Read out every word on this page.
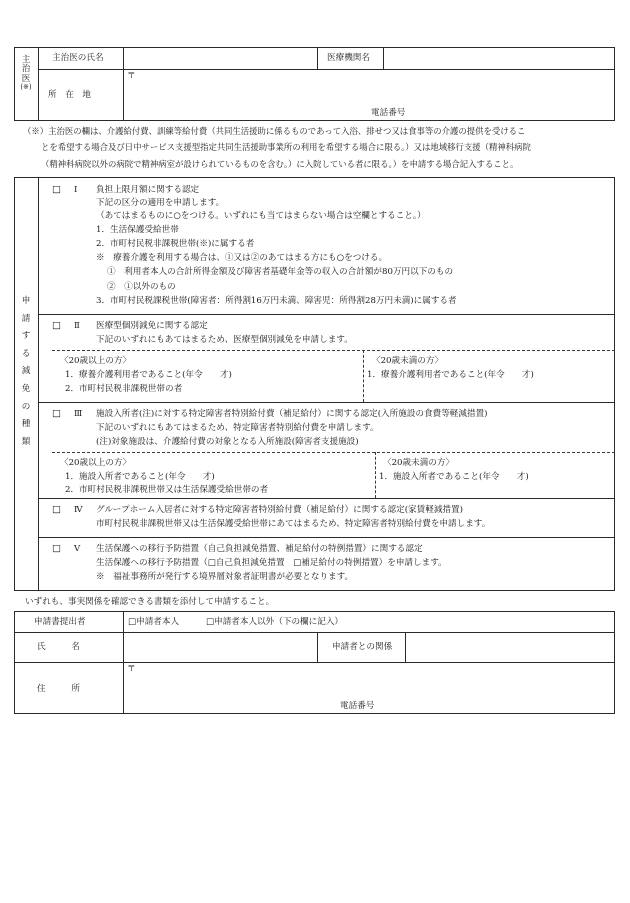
主
治
医
(※)
主治医の氏名	医療機関名
所　在　地
〒
電話番号
（※）主治医の欄は、介護給付費、訓練等給付費（共同生活援助に係るものであって入浴、排せつ又は食事等の介護の提供を受けるこ
とを希望する場合及び日中サービス支援型指定共同生活援助事業所の利用を希望する場合に限る。）又は地域移行支援（精神科病院
（精神科病院以外の病院で精神病室が設けられているものを含む。）に入院している者に限る。）を申請する場合記入すること。
申
請
す
る
減
免
の
種
類
□ Ⅰ 負担上限月額に関する認定
下記の区分の適用を申請します。
（あてはまるものに○をつける。いずれにも当てはまらない場合は空欄とすること。）
1．生活保護受給世帯
2．市町村民税非課税世帯(※)に属する者
※　療養介護を利用する場合は、①又は②のあてはまる方にも○をつける。
①　利用者本人の合計所得金額及び障害者基礎年金等の収入の合計額が80万円以下のもの
②　①以外のもの
3．市町村民税課税世帯(障害者：所得割16万円未満、障害児：所得割28万円未満)に属する者
□ Ⅱ 医療型個別減免に関する認定
下記のいずれにもあてはまるため、医療型個別減免を申請します。
〈20歳以上の方〉
1．療養介護利用者であること(年令　　才)
2．市町村民税非課税世帯の者
〈20歳未満の方〉
1．療養介護利用者であること(年令　　才)
□ Ⅲ 施設入所者(注)に対する特定障害者特別給付費（補足給付）に関する認定(入所施設の食費等軽減措置)
下記のいずれにもあてはまるため、特定障害者特別給付費を申請します。
(注)対象施設は、介護給付費の対象となる入所施設(障害者支援施設)
〈20歳以上の方〉
1．施設入所者であること(年令　　才)
2．市町村民税非課税世帯又は生活保護受給世帯の者
〈20歳未満の方〉
1．施設入所者であること(年令　　才)
□ Ⅳ グループホーム入居者に対する特定障害者特別給付費（補足給付）に関する認定(家賃軽減措置)
市町村民税非課税世帯又は生活保護受給世帯にあてはまるため、特定障害者特別給付費を申請します。
□ Ⅴ 生活保護への移行予防措置（自己負担減免措置、補足給付の特例措置）に関する認定
生活保護への移行予防措置（□自己負担減免措置　□補足給付の特例措置）を申請します。
※　福祉事務所が発行する境界層対象者証明書が必要となります。
いずれも、事実関係を確認できる書類を添付して申請すること。
申請書提出者	□申請者本人	□申請者本人以外（下の欄に記入）
氏　　　名	申請者との関係
住　　　所
〒
電話番号
